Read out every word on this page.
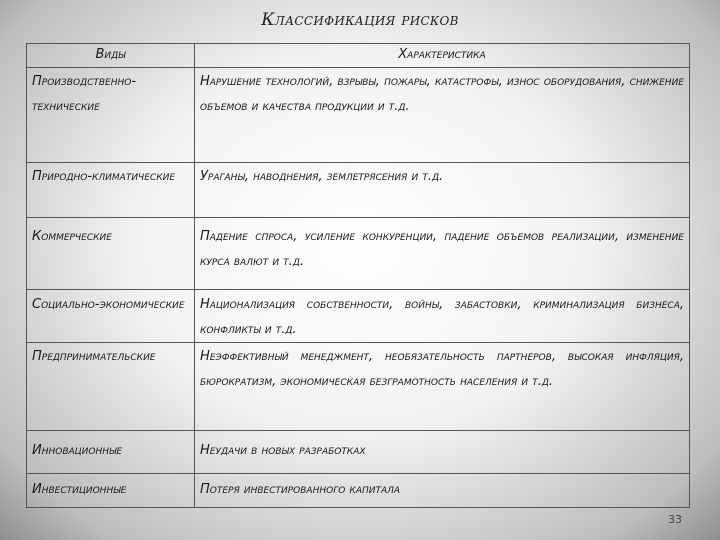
Классификация рисков
Виды	Характеристика
Производственно-технические	Нарушение технологий, взрывы, пожары, катастрофы, износ оборудования, снижение объемов и качества продукции и т.д.
Природно-климатические	Ураганы, наводнения, землетрясения и т.д.
Коммерческие	Падение спроса, усиление конкуренции, падение объемов реализации, изменение курса валют и т.д.
Социально-экономические	Национализация собственности, войны, забастовки, криминализация бизнеса, конфликты и т.д.
Предпринимательские	Неэффективный менеджмент, необязательность партнеров, высокая инфляция, бюрократизм, экономическая безграмотность населения и т.д.
Инновационные	Неудачи в новых разработках
Инвестиционные	Потеря инвестированного капитала
33
